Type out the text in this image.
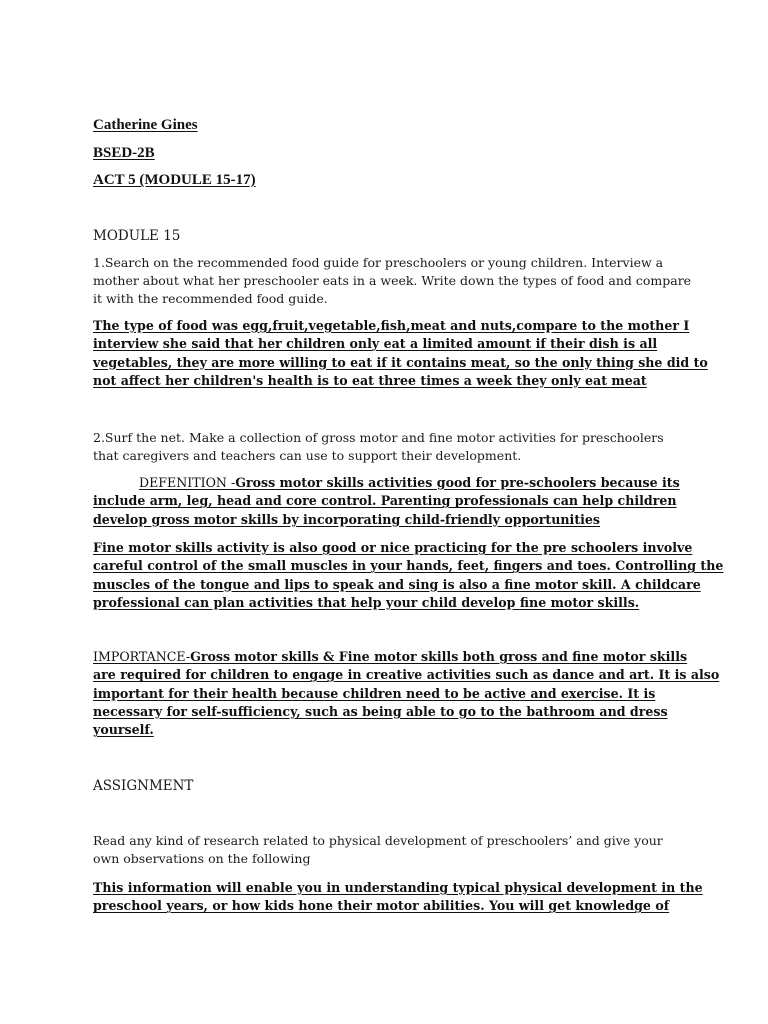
Catherine Gines
BSED-2B
ACT 5 (MODULE 15-17)
MODULE 15
1.Search on the recommended food guide for preschoolers or young children. Interview a
mother about what her preschooler eats in a week. Write down the types of food and compare
it with the recommended food guide.
The type of food was egg,fruit,vegetable,fish,meat and nuts,compare to the mother I
interview she said that her children only eat a limited amount if their dish is all
vegetables, they are more willing to eat if it contains meat, so the only thing she did to
not affect her children's health is to eat three times a week they only eat meat
2.Surf the net. Make a collection of gross motor and fine motor activities for preschoolers
that caregivers and teachers can use to support their development.
DEFENITION -Gross motor skills activities good for pre-schoolers because its
include arm, leg, head and core control. Parenting professionals can help children
develop gross motor skills by incorporating child-friendly opportunities
Fine motor skills activity is also good or nice practicing for the pre schoolers involve
careful control of the small muscles in your hands, feet, fingers and toes. Controlling the
muscles of the tongue and lips to speak and sing is also a fine motor skill. A childcare
professional can plan activities that help your child develop fine motor skills.
IMPORTANCE-Gross motor skills & Fine motor skills both gross and fine motor skills
are required for children to engage in creative activities such as dance and art. It is also
important for their health because children need to be active and exercise. It is
necessary for self-sufficiency, such as being able to go to the bathroom and dress
yourself.
ASSIGNMENT
Read any kind of research related to physical development of preschoolers’ and give your
own observations on the following
This information will enable you in understanding typical physical development in the
preschool years, or how kids hone their motor abilities. You will get knowledge of
